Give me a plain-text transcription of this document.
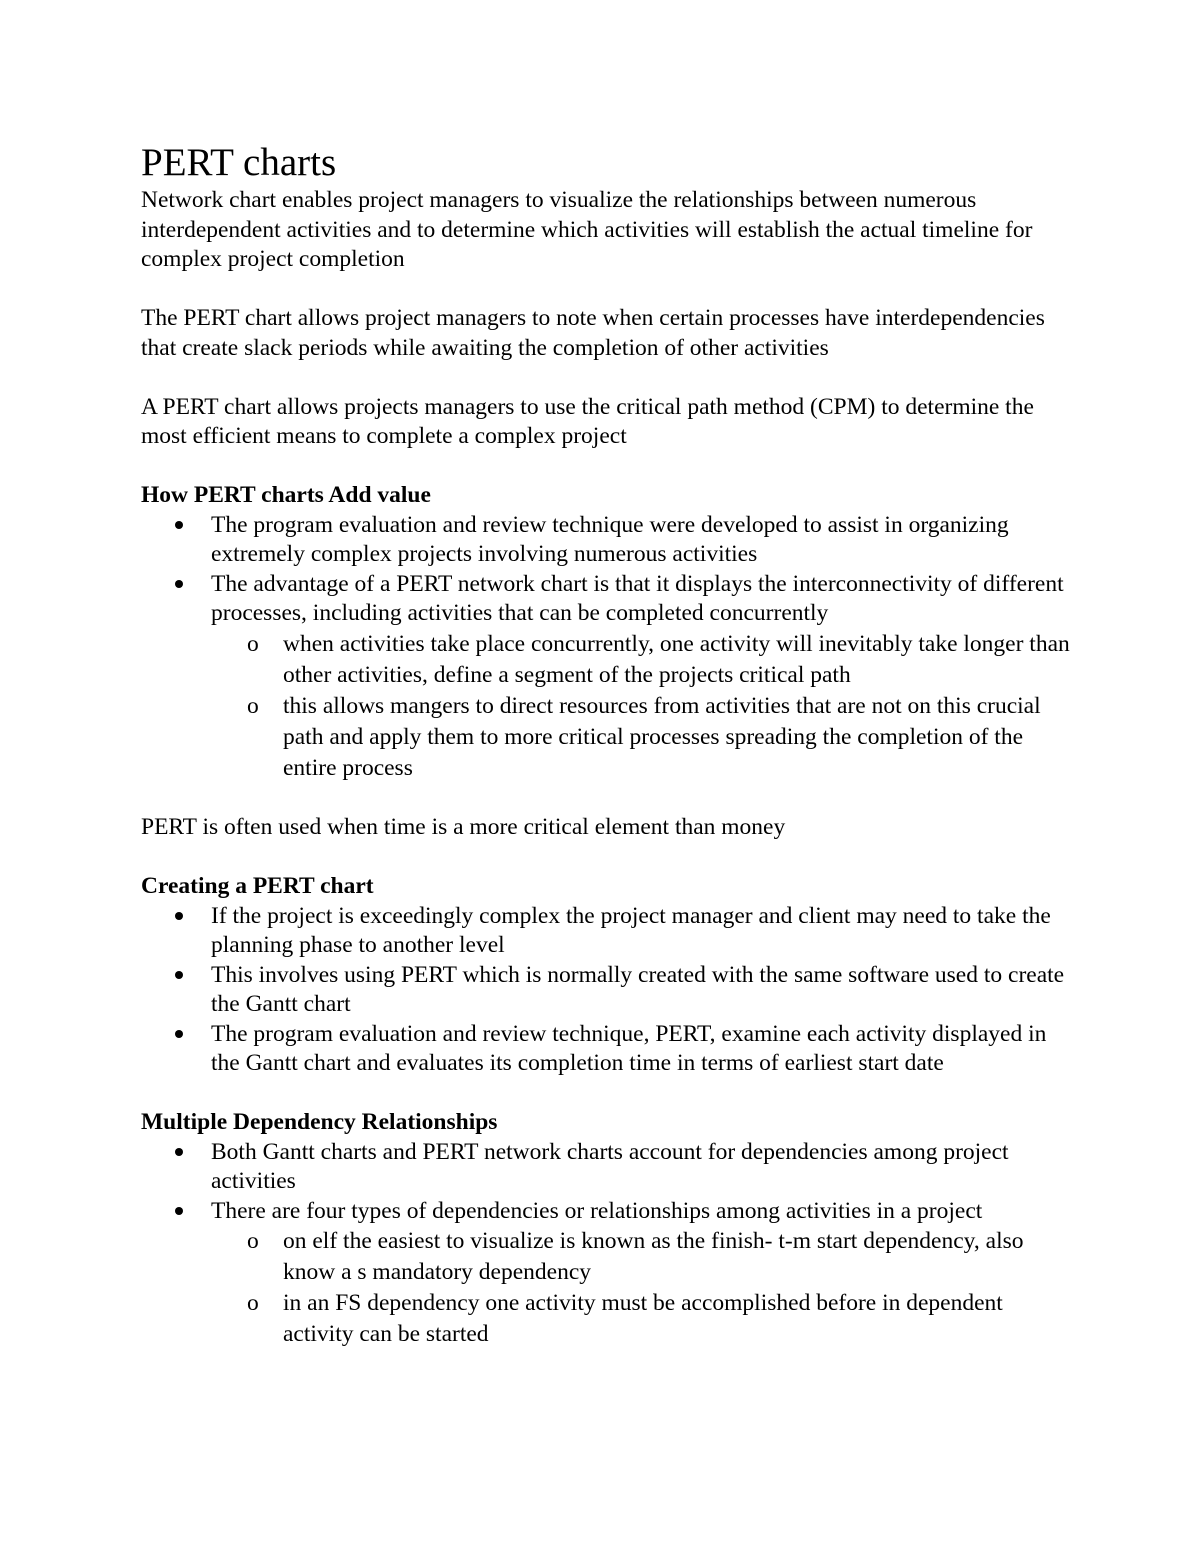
PERT charts

Network chart enables project managers to visualize the relationships between numerous interdependent activities and to determine which activities will establish the actual timeline for complex project completion

The PERT chart allows project managers to note when certain processes have interdependencies that create slack periods while awaiting the completion of other activities

A PERT chart allows projects managers to use the critical path method (CPM) to determine the most efficient means to complete a complex project

How PERT charts Add value

The program evaluation and review technique were developed to assist in organizing extremely complex projects involving numerous activities
The advantage of a PERT network chart is that it displays the interconnectivity of different processes, including activities that can be completed concurrently
o when activities take place concurrently, one activity will inevitably take longer than other activities, define a segment of the projects critical path
o this allows mangers to direct resources from activities that are not on this crucial path and apply them to more critical processes spreading the completion of the entire process

PERT is often used when time is a more critical element than money

Creating a PERT chart

If the project is exceedingly complex the project manager and client may need to take the planning phase to another level
This involves using PERT which is normally created with the same software used to create the Gantt chart
The program evaluation and review technique, PERT, examine each activity displayed in the Gantt chart and evaluates its completion time in terms of earliest start date

Multiple Dependency Relationships

Both Gantt charts and PERT network charts account for dependencies among project activities
There are four types of dependencies or relationships among activities in a project
o on elf the easiest to visualize is known as the finish- t-m start dependency, also know a s mandatory dependency
o in an FS dependency one activity must be accomplished before in dependent activity can be started
